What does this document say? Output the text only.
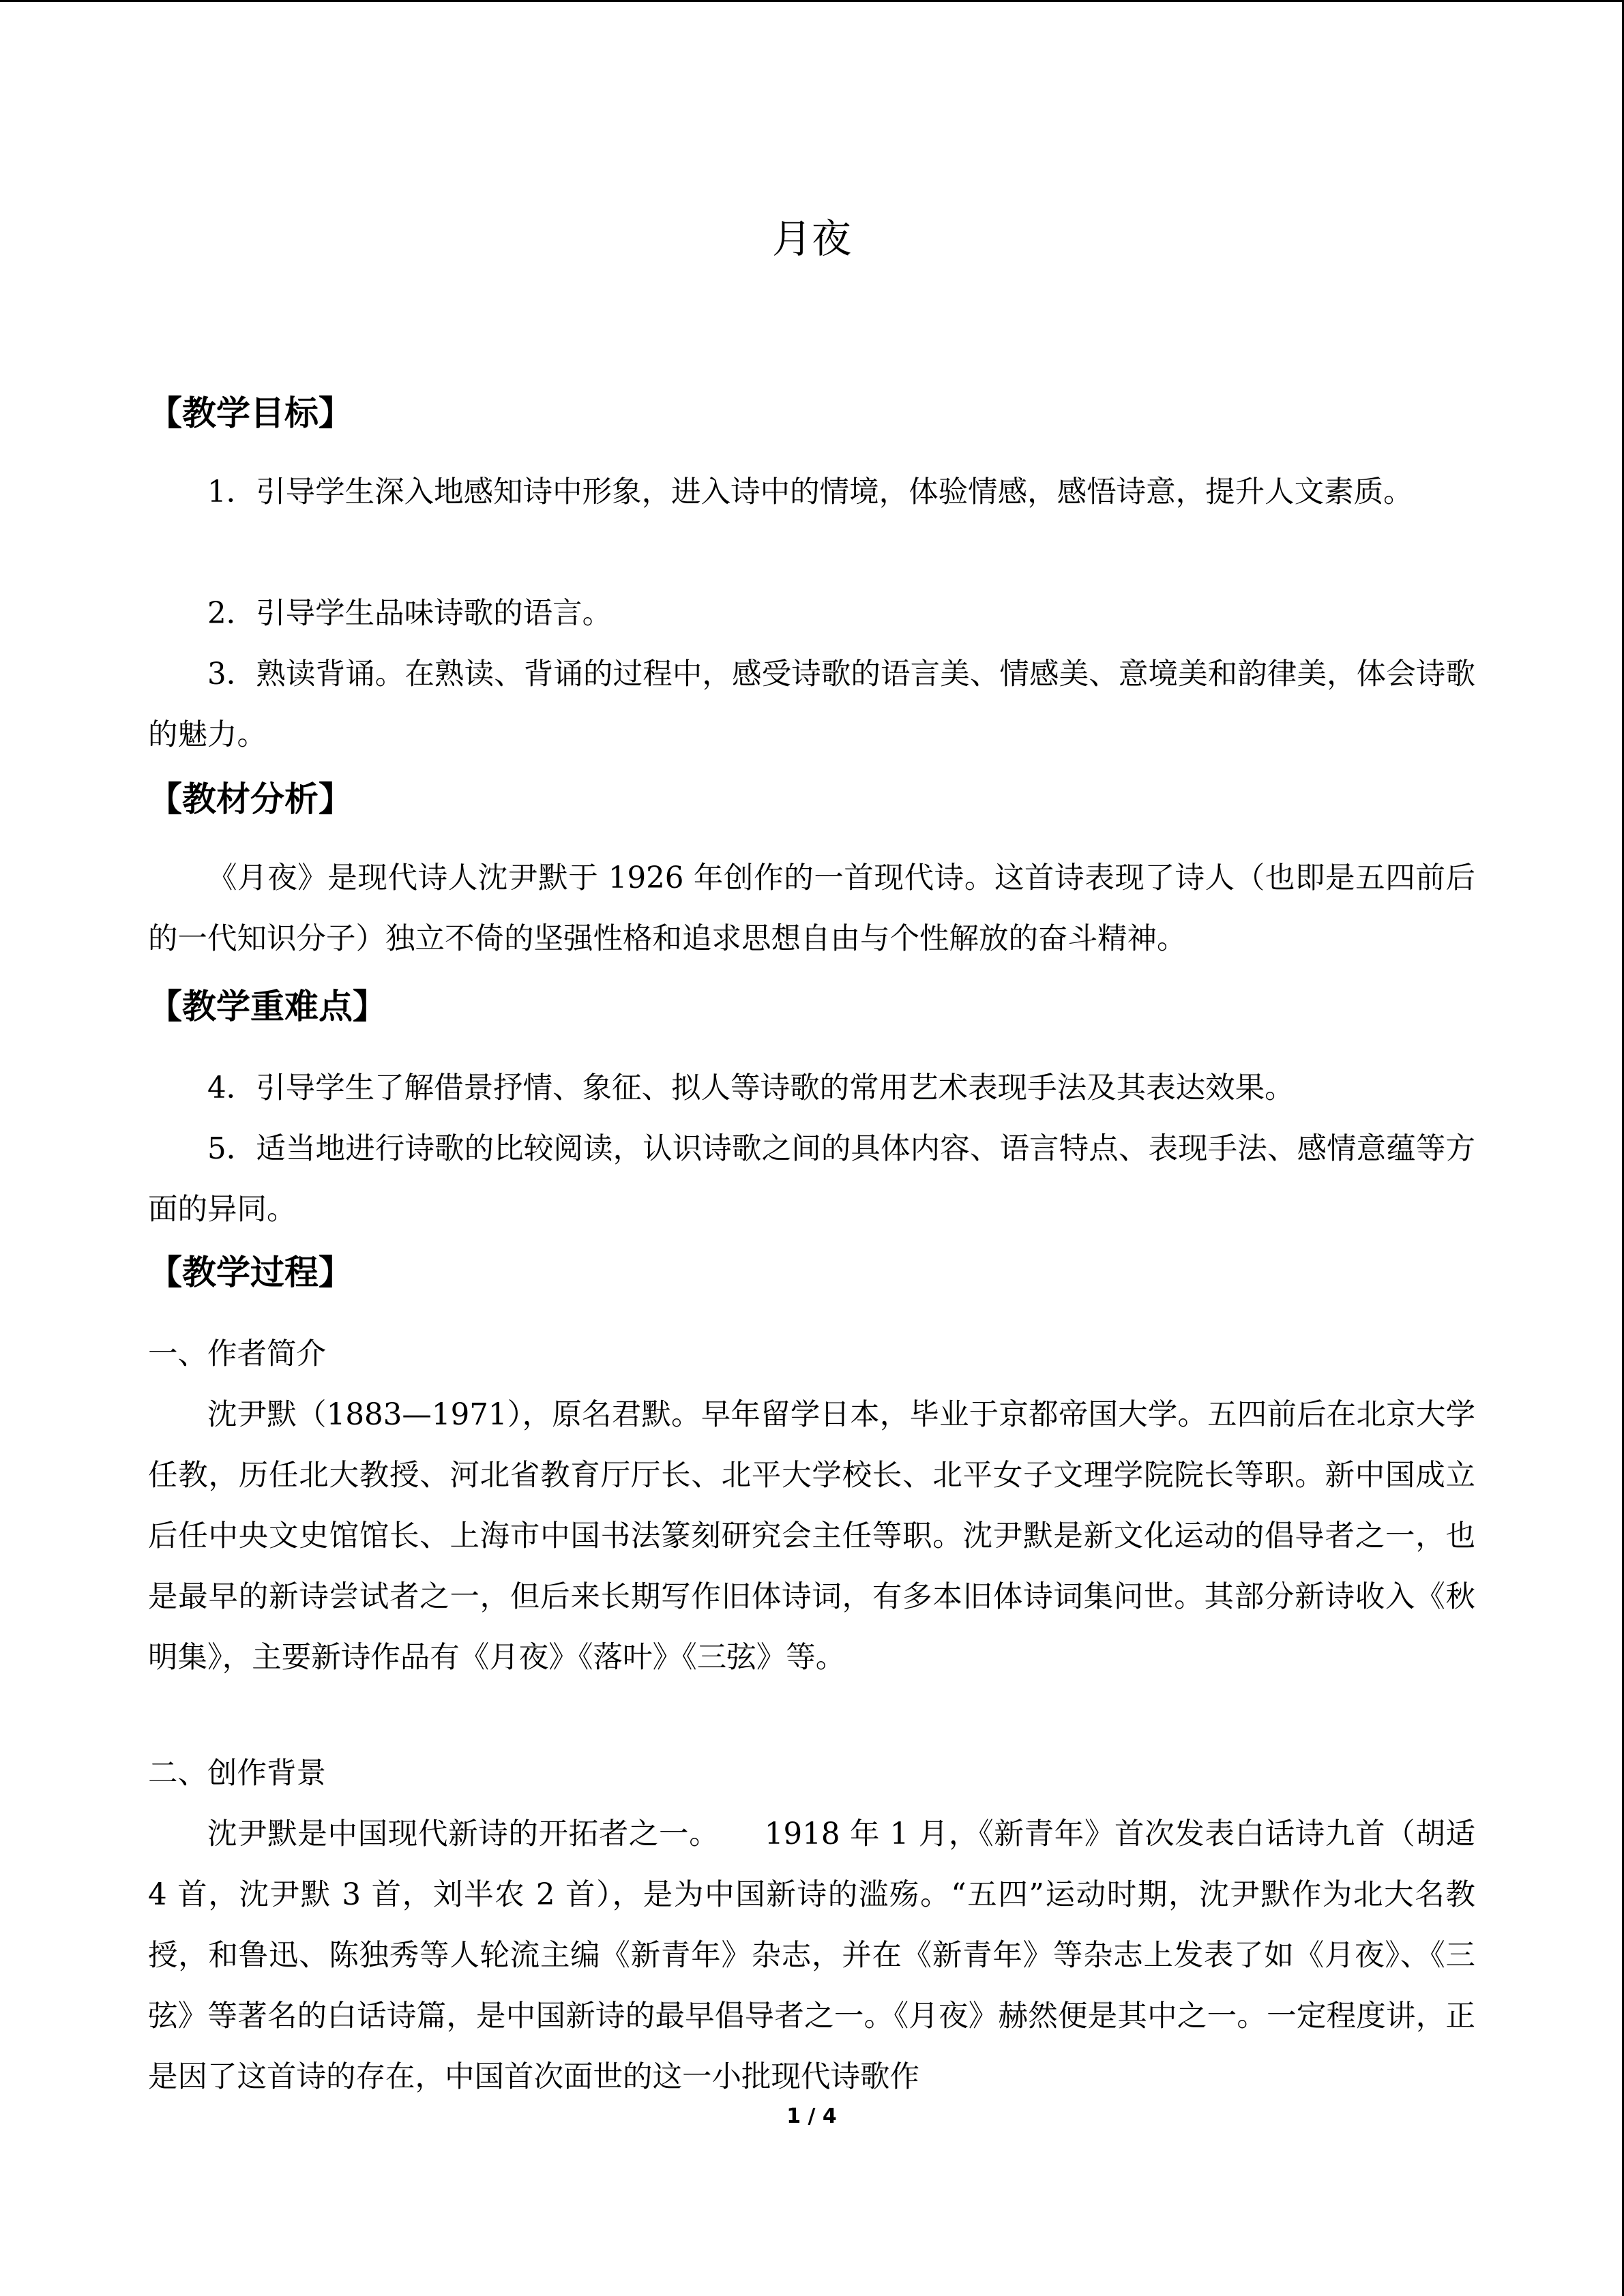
月夜
【教学目标】
1．引导学生深入地感知诗中形象，进入诗中的情境，体验情感，感悟诗意，提升人文素质。
2．引导学生品味诗歌的语言。
3．熟读背诵。在熟读、背诵的过程中，感受诗歌的语言美、情感美、意境美和韵律美，体会诗歌的魅力。
【教材分析】
《月夜》是现代诗人沈尹默于 1926 年创作的一首现代诗。这首诗表现了诗人（也即是五四前后的一代知识分子）独立不倚的坚强性格和追求思想自由与个性解放的奋斗精神。
【教学重难点】
4．引导学生了解借景抒情、象征、拟人等诗歌的常用艺术表现手法及其表达效果。
5．适当地进行诗歌的比较阅读，认识诗歌之间的具体内容、语言特点、表现手法、感情意蕴等方面的异同。
【教学过程】
一、作者简介
沈尹默（1883—1971），原名君默。早年留学日本，毕业于京都帝国大学。五四前后在北京大学任教，历任北大教授、河北省教育厅厅长、北平大学校长、北平女子文理学院院长等职。新中国成立后任中央文史馆馆长、上海市中国书法篆刻研究会主任等职。沈尹默是新文化运动的倡导者之一，也是最早的新诗尝试者之一，但后来长期写作旧体诗词，有多本旧体诗词集问世。其部分新诗收入《秋明集》，主要新诗作品有《月夜》《落叶》《三弦》等。
二、创作背景
沈尹默是中国现代新诗的开拓者之一。　　1918 年 1 月，《新青年》首次发表白话诗九首（胡适 4 首，沈尹默 3 首，刘半农 2 首），是为中国新诗的滥殇。“五四”运动时期，沈尹默作为北大名教授，和鲁迅、陈独秀等人轮流主编《新青年》杂志，并在《新青年》等杂志上发表了如《月夜》、《三弦》等著名的白话诗篇，是中国新诗的最早倡导者之一。《月夜》赫然便是其中之一。一定程度讲，正是因了这首诗的存在，中国首次面世的这一小批现代诗歌作
1 / 4
